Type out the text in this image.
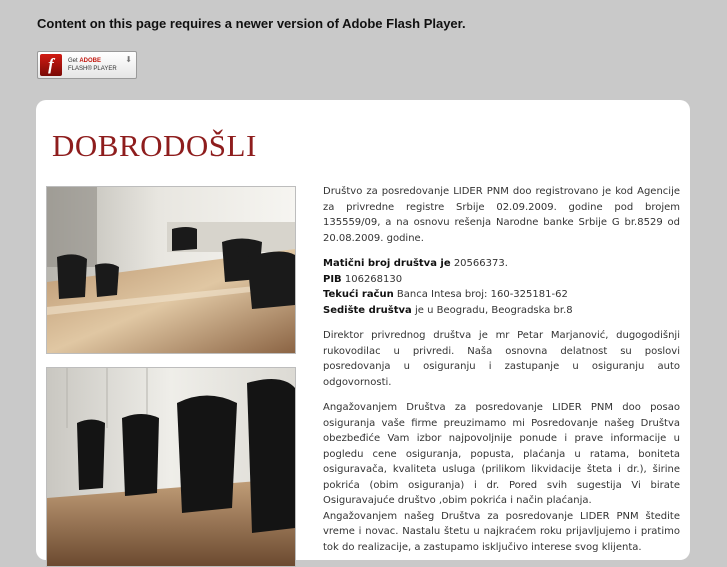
Content on this page requires a newer version of Adobe Flash Player.
f	Get ADOBE
FLASH® PLAYER
⬇
DOBRODOŠLI

Društvo za posredovanje LIDER PNM doo registrovano je kod Agencije za privredne registre Srbije 02.09.2009. godine pod brojem 135559/09, a na osnovu rešenja Narodne banke Srbije G br.8529 od 20.08.2009. godine.

Matični broj društva je 20566373.
PIB 106268130
Tekući račun Banca Intesa broj: 160-325181-62
Sedište društva je u Beogradu, Beogradska br.8

Direktor privrednog društva je mr Petar Marjanović, dugogodišnji rukovodilac u privredi. Naša osnovna delatnost su poslovi posredovanja u osiguranju i zastupanje u osiguranju auto odgovornosti.

Angažovanjem Društva za posredovanje LIDER PNM doo posao osiguranja vaše firme preuzimamo mi Posredovanje našeg Društva obezbeđiće Vam izbor najpovoljnije ponude i prave informacije u pogledu cene osiguranja, popusta, plaćanja u ratama, boniteta osiguravača, kvaliteta usluga (prilikom likvidacije šteta i dr.), širine pokrića (obim osiguranja) i dr. Pored svih sugestija Vi birate Osiguravajuće društvo ,obim pokrića i način plaćanja.

Angažovanjem našeg Društva za posredovanje LIDER PNM štedite vreme i novac. Nastalu štetu u najkraćem roku prijavljujemo i pratimo tok do realizacije, a zastupamo isključivo interese svog klijenta.
